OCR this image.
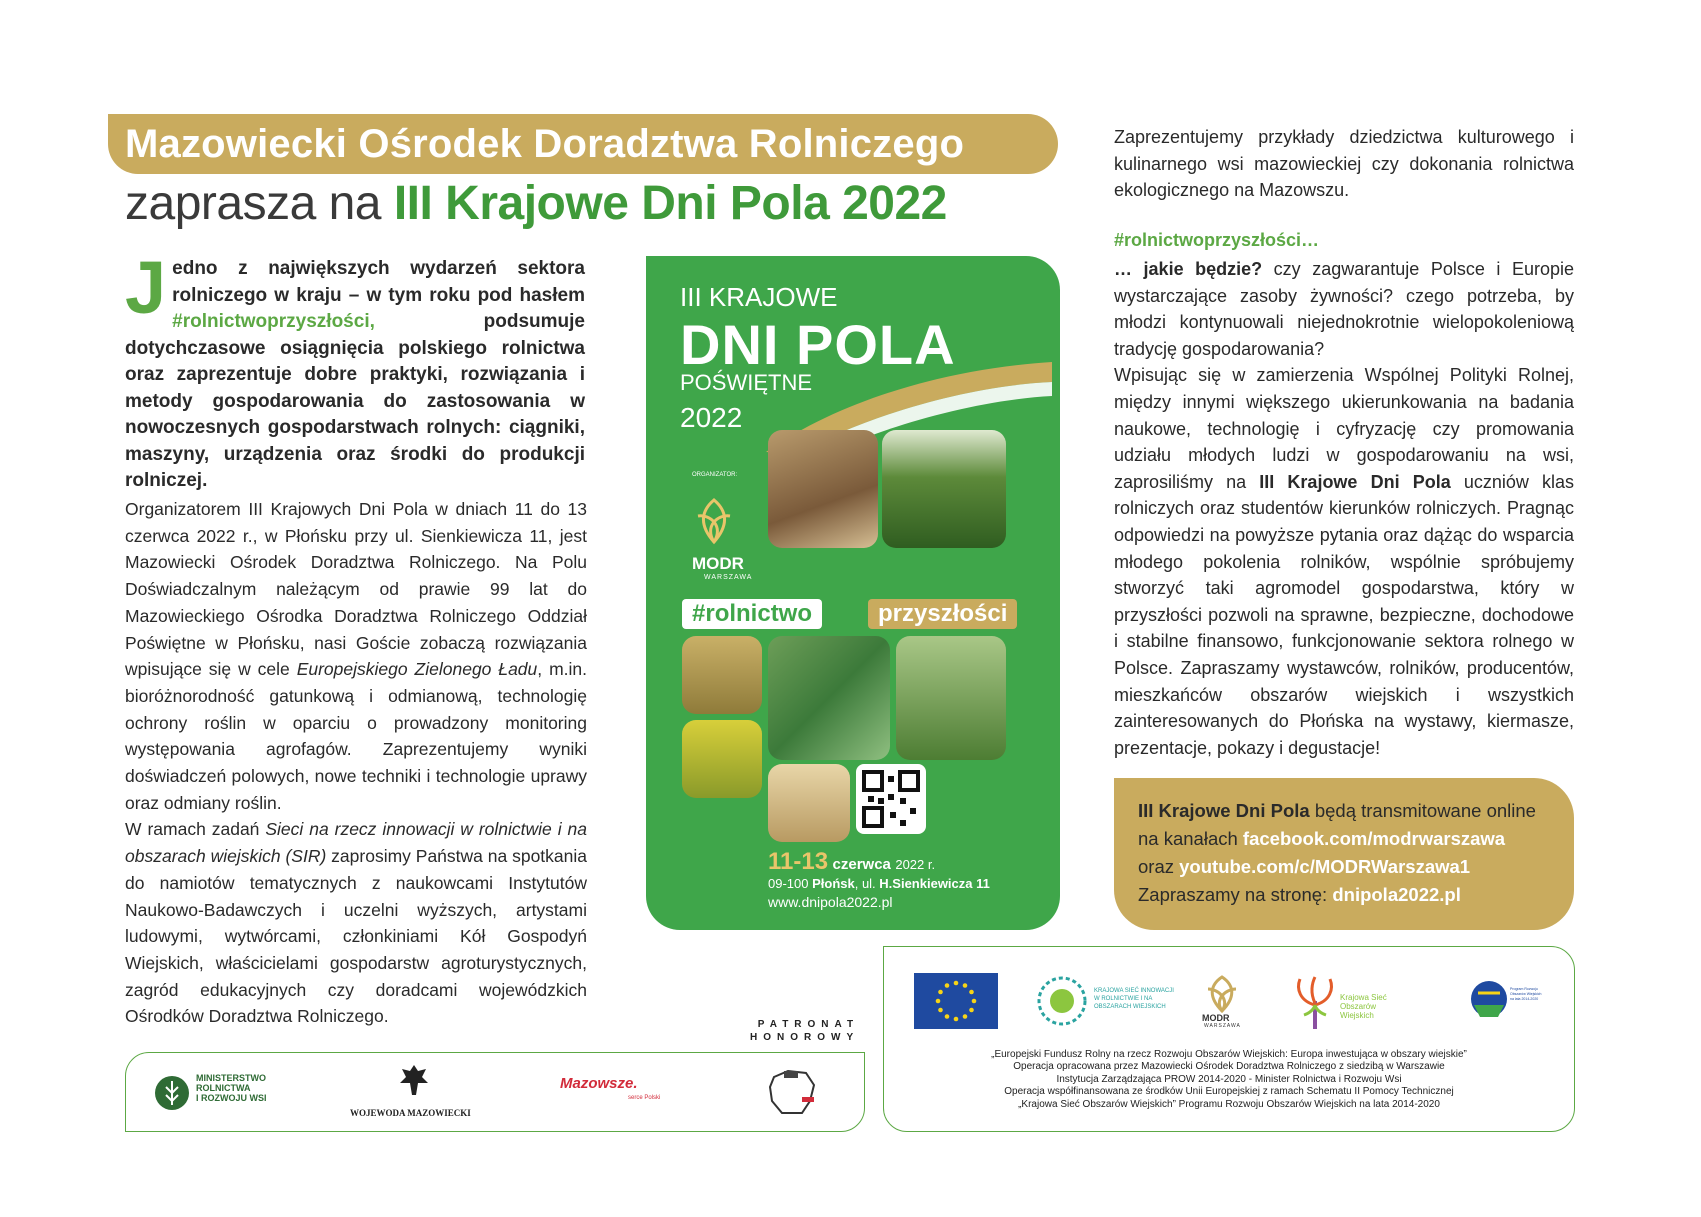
Mazowiecki Ośrodek Doradztwa Rolniczego
zaprasza na III Krajowe Dni Pola 2022
Jedno z największych wydarzeń sektora rolniczego w kraju – w tym roku pod hasłem #rolnictwoprzyszłości, podsumuje dotychczasowe osiągnięcia polskiego rolnictwa oraz zaprezentuje dobre praktyki, rozwiązania i metody gospodarowania do zastosowania w nowoczesnych gospodarstwach rolnych: ciągniki, maszyny, urządzenia oraz środki do produkcji rolniczej.

Organizatorem III Krajowych Dni Pola w dniach 11 do 13 czerwca 2022 r., w Płońsku przy ul. Sienkiewicza 11, jest Mazowiecki Ośrodek Doradztwa Rolniczego. Na Polu Doświadczalnym należącym od prawie 99 lat do Mazowieckiego Ośrodka Doradztwa Rolniczego Oddział Poświętne w Płońsku, nasi Goście zobaczą rozwiązania wpisujące się w cele Europejskiego Zielonego Ładu, m.in. bioróżnorodność gatunkową i odmianową, technologię ochrony roślin w oparciu o prowadzony monitoring występowania agrofagów. Zaprezentujemy wyniki doświadczeń polowych, nowe techniki i technologie uprawy oraz odmiany roślin.

W ramach zadań Sieci na rzecz innowacji w rolnictwie i na obszarach wiejskich (SIR) zaprosimy Państwa na spotkania do namiotów tematycznych z naukowcami Instytutów Naukowo-Badawczych i uczelni wyższych, artystami ludowymi, wytwórcami, członkiniami Kół Gospodyń Wiejskich, właścicielami gospodarstw agroturystycznych, zagród edukacyjnych czy doradcami wojewódzkich Ośrodków Doradztwa Rolniczego.

III KRAJOWE
DNI POLA
POŚWIĘTNE
2022
ORGANIZATOR:
MODR
WARSZAWA
#rolnictwo	przyszłości
11-13 czerwca 2022 r.
09-100 Płońsk, ul. H.Sienkiewicza 11
www.dnipola2022.pl
Zaprezentujemy przykłady dziedzictwa kulturowego i kulinarnego wsi mazowieckiej czy dokonania rolnictwa ekologicznego na Mazowszu.
#rolnictwoprzyszłości…

… jakie będzie? czy zagwarantuje Polsce i Europie wystarczające zasoby żywności? czego potrzeba, by młodzi kontynuowali niejednokrotnie wielopokoleniową tradycję gospodarowania?

Wpisując się w zamierzenia Wspólnej Polityki Rolnej, między innymi większego ukierunkowania na badania naukowe, technologię i cyfryzację czy promowania udziału młodych ludzi w gospodarowaniu na wsi, zaprosiliśmy na III Krajowe Dni Pola uczniów klas rolniczych oraz studentów kierunków rolniczych. Pragnąc odpowiedzi na powyższe pytania oraz dążąc do wsparcia młodego pokolenia rolników, wspólnie spróbujemy stworzyć taki agromodel gospodarstwa, który w przyszłości pozwoli na sprawne, bezpieczne, dochodowe i stabilne finansowo, funkcjonowanie sektora rolnego w Polsce. Zapraszamy wystawców, rolników, producentów, mieszkańców obszarów wiejskich i wszystkich zainteresowanych do Płońska na wystawy, kiermasze, prezentacje, pokazy i degustacje!

III Krajowe Dni Pola będą transmitowane online
na kanałach facebook.com/modrwarszawa
oraz youtube.com/c/MODRWarszawa1
Zapraszamy na stronę: dnipola2022.pl
PATRONAT
HONOROWY
MINISTERSTWO
ROLNICTWA
I ROZWOJU WSI
WOJEWODA MAZOWIECKI
Mazowsze.
serce Polski
KRAJOWA SIEĆ INNOWACJI W ROLNICTWIE I NA OBSZARACH WIEJSKICH
MODR
WARSZAWA
Krajowa Sieć Obszarów Wiejskich
Program Rozwoju Obszarów Wiejskich na lata 2014-2020
„Europejski Fundusz Rolny na rzecz Rozwoju Obszarów Wiejskich: Europa inwestująca w obszary wiejskie”
Operacja opracowana przez Mazowiecki Ośrodek Doradztwa Rolniczego z siedzibą w Warszawie
Instytucja Zarządzająca PROW 2014-2020 - Minister Rolnictwa i Rozwoju Wsi
Operacja współfinansowana ze środków Unii Europejskiej z ramach Schematu II Pomocy Technicznej
„Krajowa Sieć Obszarów Wiejskich” Programu Rozwoju Obszarów Wiejskich na lata 2014-2020
